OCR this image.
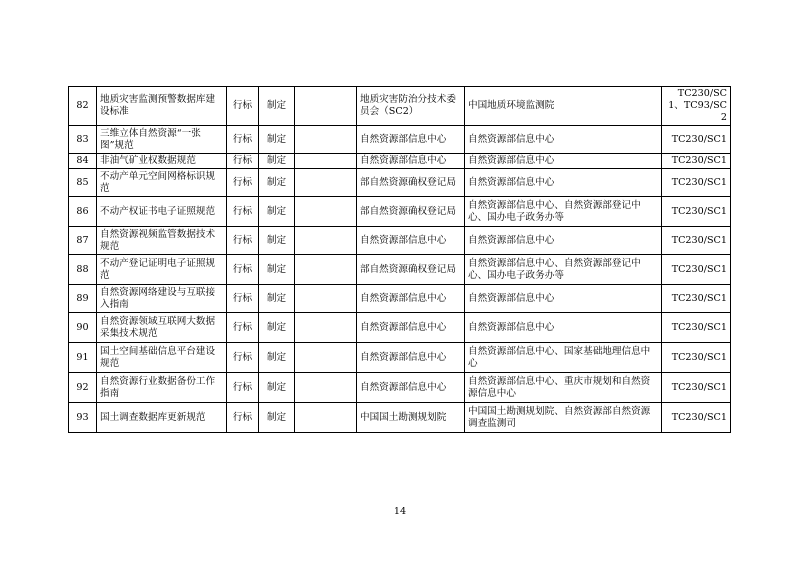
82	地质灾害监测预警数据库建设标准	行标	制定		地质灾害防治分技术委员会（SC2）	中国地质环境监测院	TC230/SC1、TC93/SC2
83	三维立体自然资源“一张图”规范	行标	制定		自然资源部信息中心	自然资源部信息中心	TC230/SC1
84	非油气矿业权数据规范	行标	制定		自然资源部信息中心	自然资源部信息中心	TC230/SC1
85	不动产单元空间网格标识规范	行标	制定		部自然资源确权登记局	自然资源部信息中心	TC230/SC1
86	不动产权证书电子证照规范	行标	制定		部自然资源确权登记局	自然资源部信息中心、自然资源部登记中心、国办电子政务办等	TC230/SC1
87	自然资源视频监管数据技术规范	行标	制定		自然资源部信息中心	自然资源部信息中心	TC230/SC1
88	不动产登记证明电子证照规范	行标	制定		部自然资源确权登记局	自然资源部信息中心、自然资源部登记中心、国办电子政务办等	TC230/SC1
89	自然资源网络建设与互联接入指南	行标	制定		自然资源部信息中心	自然资源部信息中心	TC230/SC1
90	自然资源领域互联网大数据采集技术规范	行标	制定		自然资源部信息中心	自然资源部信息中心	TC230/SC1
91	国土空间基础信息平台建设规范	行标	制定		自然资源部信息中心	自然资源部信息中心、国家基础地理信息中心	TC230/SC1
92	自然资源行业数据备份工作指南	行标	制定		自然资源部信息中心	自然资源部信息中心、重庆市规划和自然资源信息中心	TC230/SC1
93	国土调查数据库更新规范	行标	制定		中国国土勘测规划院	中国国土勘测规划院、自然资源部自然资源调查监测司	TC230/SC1
14
